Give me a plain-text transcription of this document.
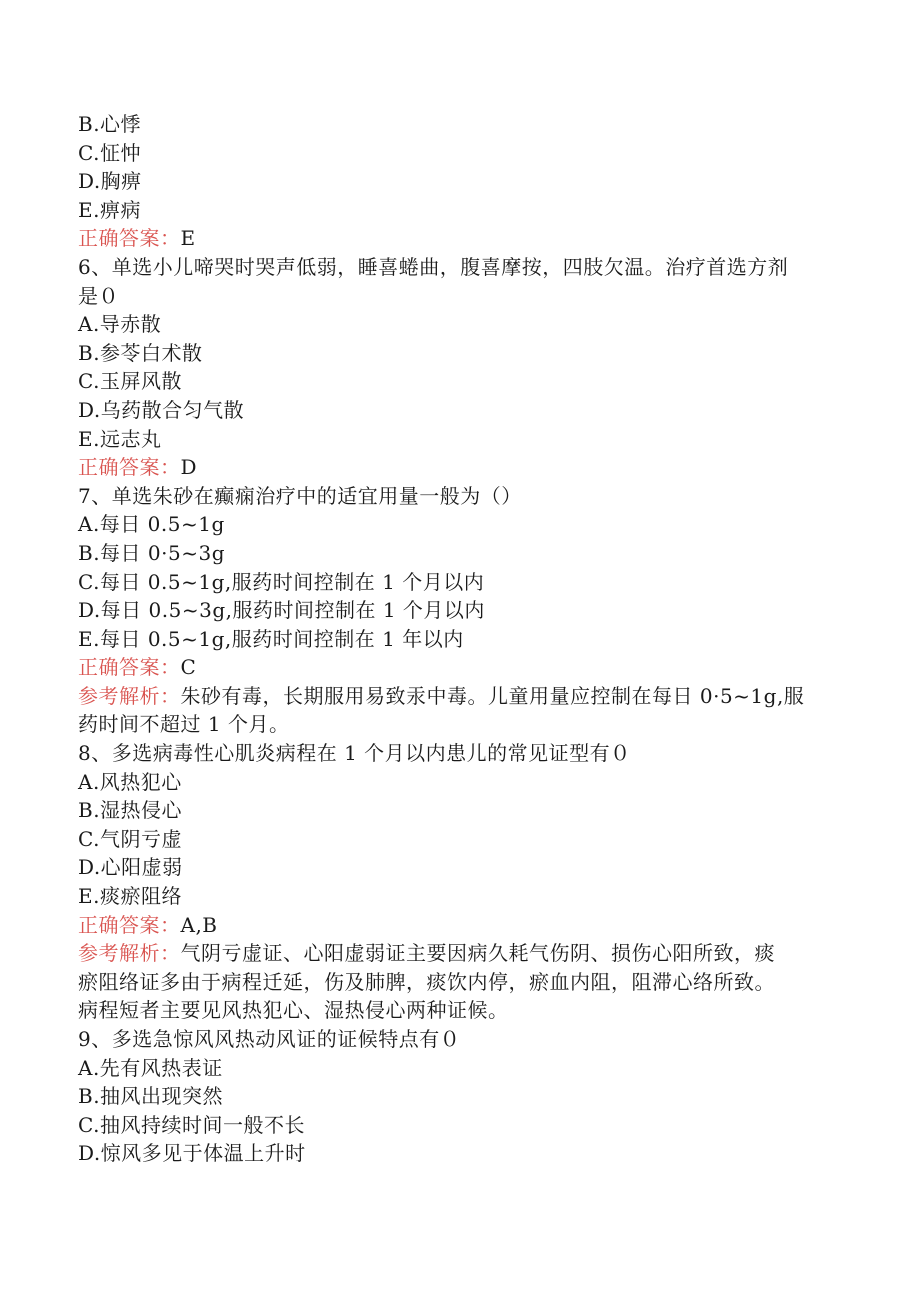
B.心悸

C.怔忡

D.胸痹

E.痹病

正确答案：E

6、单选小儿啼哭时哭声低弱，睡喜蜷曲，腹喜摩按，四肢欠温。治疗首选方剂

是０

A.导赤散

B.参苓白术散

C.玉屏风散

D.乌药散合匀气散

E.远志丸

正确答案：D

7、单选朱砂在癫痫治疗中的适宜用量一般为（）

A.每日 0.5~1g

B.每日 0·5~3g

C.每日 0.5~1g,服药时间控制在 1 个月以内

D.每日 0.5~3g,服药时间控制在 1 个月以内

E.每日 0.5~1g,服药时间控制在 1 年以内

正确答案：C

参考解析：朱砂有毒，长期服用易致汞中毒。儿童用量应控制在每日 0·5~1g,服

药时间不超过 1 个月。

8、多选病毒性心肌炎病程在 1 个月以内患儿的常见证型有０

A.风热犯心

B.湿热侵心

C.气阴亏虚

D.心阳虚弱

E.痰瘀阻络

正确答案：A,B

参考解析：气阴亏虚证、心阳虚弱证主要因病久耗气伤阴、损伤心阳所致，痰

瘀阻络证多由于病程迁延，伤及肺脾，痰饮内停，瘀血内阻，阻滞心络所致。

病程短者主要见风热犯心、湿热侵心两种证候。

9、多选急惊风风热动风证的证候特点有０

A.先有风热表证

B.抽风出现突然

C.抽风持续时间一般不长

D.惊风多见于体温上升时
